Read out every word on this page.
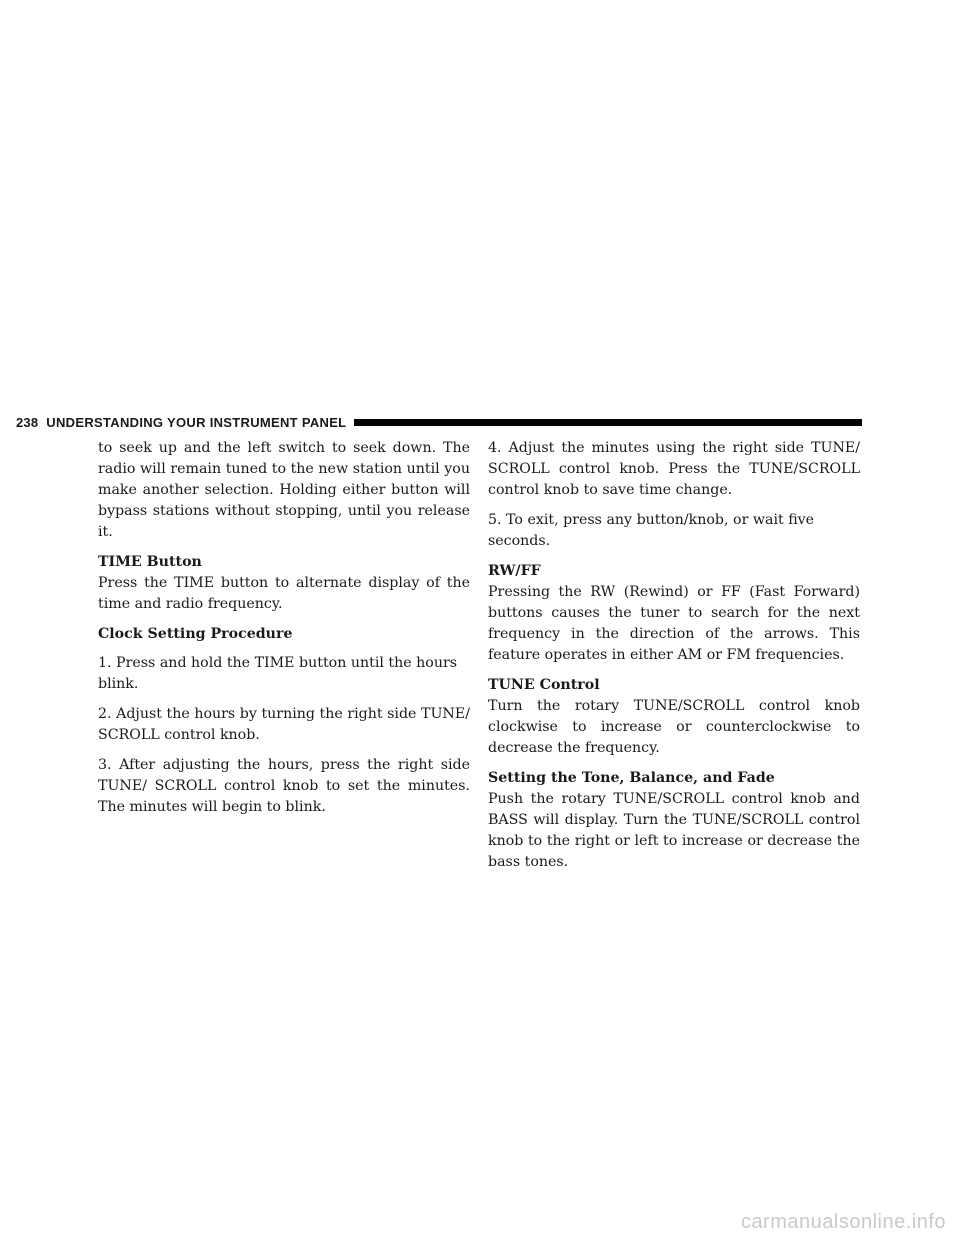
238 UNDERSTANDING YOUR INSTRUMENT PANEL

to seek up and the left switch to seek down. The radio will remain tuned to the new station until you make another selection. Holding either button will bypass stations without stopping, until you release it.

TIME Button

Press the TIME button to alternate display of the time and radio frequency.

Clock Setting Procedure

1. Press and hold the TIME button until the hours blink.

2. Adjust the hours by turning the right side TUNE/ SCROLL control knob.

3. After adjusting the hours, press the right side TUNE/ SCROLL control knob to set the minutes. The minutes will begin to blink.

4. Adjust the minutes using the right side TUNE/ SCROLL control knob. Press the TUNE/SCROLL control knob to save time change.

5. To exit, press any button/knob, or wait five seconds.

RW/FF

Pressing the RW (Rewind) or FF (Fast Forward) buttons causes the tuner to search for the next frequency in the direction of the arrows. This feature operates in either AM or FM frequencies.

TUNE Control

Turn the rotary TUNE/SCROLL control knob clockwise to increase or counterclockwise to decrease the frequency.

Setting the Tone, Balance, and Fade

Push the rotary TUNE/SCROLL control knob and BASS will display. Turn the TUNE/SCROLL control knob to the right or left to increase or decrease the bass tones.

carmanualsonline.info
